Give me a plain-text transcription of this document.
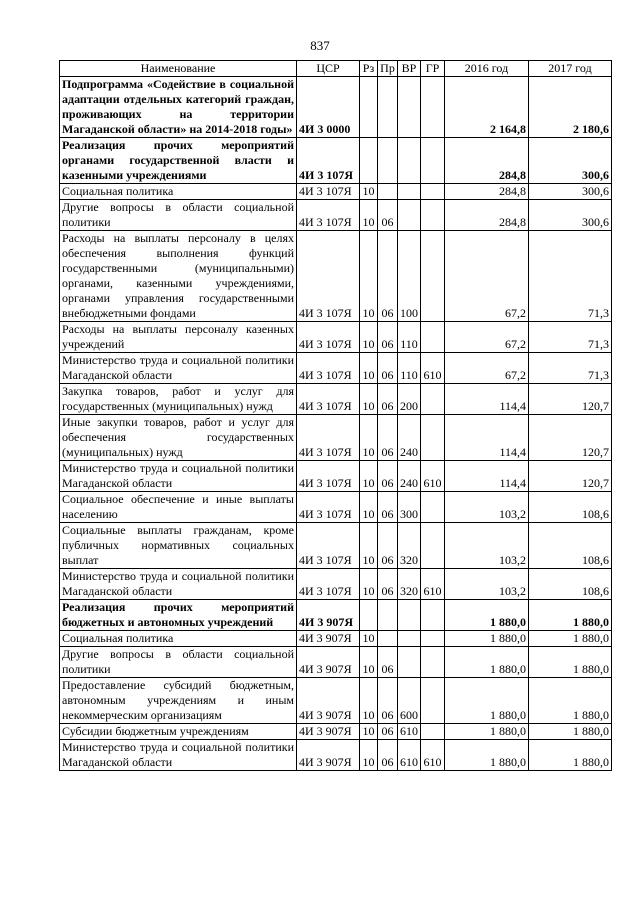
837
Наименование	ЦСР	Рз	Пр	ВР	ГР	2016 год	2017 год
Подпрограмма «Содействие в социальной адаптации отдельных категорий граждан, проживающих на территории Магаданской области» на 2014-2018 годы»	4И 3 0000					2 164,8	2 180,6
Реализация прочих мероприятий органами государственной власти и казенными учреждениями	4И 3 107Я					284,8	300,6
Социальная политика	4И 3 107Я	10				284,8	300,6
Другие вопросы в области социальной политики	4И 3 107Я	10	06			284,8	300,6
Расходы на выплаты персоналу в целях обеспечения выполнения функций государственными (муниципальными) органами, казенными учреждениями, органами управления государственными внебюджетными фондами	4И 3 107Я	10	06	100		67,2	71,3
Расходы на выплаты персоналу казенных учреждений	4И 3 107Я	10	06	110		67,2	71,3
Министерство труда и социальной политики Магаданской области	4И 3 107Я	10	06	110	610	67,2	71,3
Закупка товаров, работ и услуг для государственных (муниципальных) нужд	4И 3 107Я	10	06	200		114,4	120,7
Иные закупки товаров, работ и услуг для обеспечения государственных (муниципальных) нужд	4И 3 107Я	10	06	240		114,4	120,7
Министерство труда и социальной политики Магаданской области	4И 3 107Я	10	06	240	610	114,4	120,7
Социальное обеспечение и иные выплаты населению	4И 3 107Я	10	06	300		103,2	108,6
Социальные выплаты гражданам, кроме публичных нормативных социальных выплат	4И 3 107Я	10	06	320		103,2	108,6
Министерство труда и социальной политики Магаданской области	4И 3 107Я	10	06	320	610	103,2	108,6
Реализация прочих мероприятий бюджетных и автономных учреждений	4И 3 907Я					1 880,0	1 880,0
Социальная политика	4И 3 907Я	10				1 880,0	1 880,0
Другие вопросы в области социальной политики	4И 3 907Я	10	06			1 880,0	1 880,0
Предоставление субсидий бюджетным, автономным учреждениям и иным некоммерческим организациям	4И 3 907Я	10	06	600		1 880,0	1 880,0
Субсидии бюджетным учреждениям	4И 3 907Я	10	06	610		1 880,0	1 880,0
Министерство труда и социальной политики Магаданской области	4И 3 907Я	10	06	610	610	1 880,0	1 880,0
